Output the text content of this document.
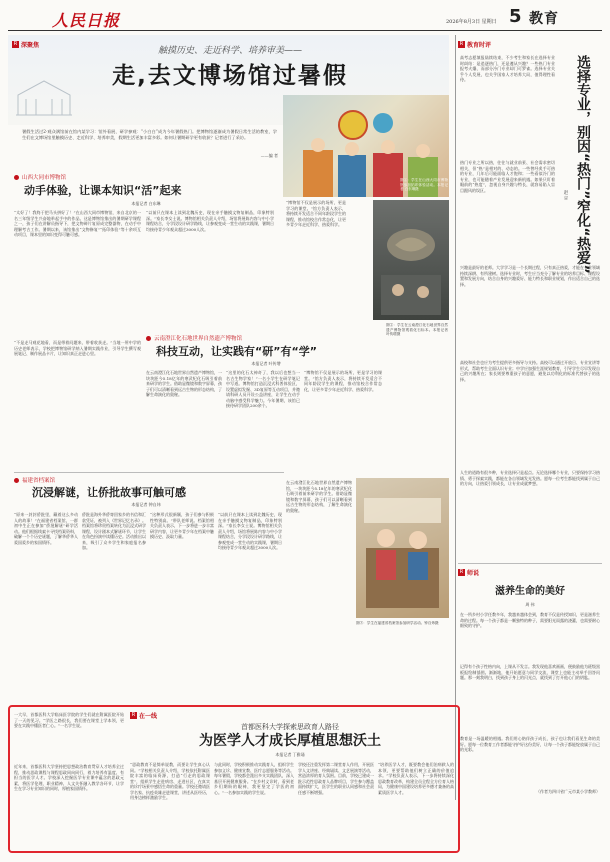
人民日报	2026年8月3日 星期日 5 教育
R 深聚焦
触摸历史、走近科学、培养审美——
走,去文博场馆过暑假
暑假生活过2·观众满馆前在馆内某学习：馆外看展、研学参观：“小白白”成为今年暑假热门。把博物馆逐渐成为暑假日常生活的教室，学生们在文博场馆里触摸历史、走近科学、培养审美，假期生活更加丰富多彩。如何让暑期研学更有收获？记者进行了采访。
——编 者
图①：学生在山西大同市博物馆参加拓印体验活动。本报记者 白东琳摄
山西大同市博物馆
动手体验，让课本知识“活”起来
本报记者 白东琳
“太好了！我终于把马头拼好了！”在山西大同市博物馆，来自北京的一名三年级学生兴奋地举起手中的作品。这是博物馆推出的暑期研学课程之一，孩子们在讲解员指导下，把文物碎片复原成完整器物，在动手中理解考古工作。暑期以来，该馆推出“文物修复”“拓印体验”等十余项互动项目，课本里的知识变得可触可感。
“以前只在课本上读到北魏历史，现在亲手触摸文物复制品，印象特别深。”家长李女士说。博物馆相关负责人介绍，场馆将展陈内容与中小学课程结合，分学段设计研学路线，让参观变成一堂生动的实践课，暑期日均接待青少年观众超过3000人次。
“不是走马观花地看，而是带着问题来、带着收获走。”当地一所中学的历史老师表示，学校把博物馆研学纳入暑期实践作业，引导学生撰写观展笔记、制作展品卡片，让知识真正走进心里。
“博物馆不仅是展示的场所，更是学习的课堂。”馆方负责人表示，将持续开发适合不同年龄段学生的课程，推动馆校合作常态化，让更多青少年走近科学、热爱科学。
图②：学生在云南澄江化石地世界自然遗产博物馆观看化石标本。本报记者 叶传增摄
云南澄江化石地世界自然遗产博物馆
科技互动，让实践有“研”有“学”
本报记者 叶传增
在云南澄江化石地世界自然遗产博物馆，一块块距今5.18亿年的寒武纪化石吸引着前来研学的学生。借助显微镜和数字屏幕，孩子们可以清晰看到远古生物的形态结构，了解生命演化的奥秘。
“这里的化石太神奇了，我以后也想当一名古生物学家！”一名小学生在研学笔记中写道。博物馆打造沉浸式科普体验区，设置虚拟发掘、3D复原等互动项目，并邀请科研人员开设公益讲座，让学生在动手动脑中感受科学魅力。今年暑期，该馆已接待研学团队200余个。
“博物馆不仅是展示的场所，更是学习的课堂。”馆方负责人表示，将持续开发适合不同年龄段学生的课程，推动馆校合作常态化，让更多青少年走近科学、热爱科学。
福建省档案馆
沉浸解谜，让侨批故事可触可感
本报记者 钟自炜
“原来一封封侨批里，藏着这么多动人的故事！”在福建省档案馆，一群初中生正在参加“侨批解谜”研学活动。他们根据线索卡寻找档案资料，破解一个个历史谜题，了解华侨华人爱国爱乡的家国情怀。
侨批是海外华侨寄回家乡的书信和汇款凭证，被列入《世界记忆名录》。档案馆将珍贵档案转化为沉浸式研学课程，设计剧本式解谜环节，让学生在角色扮演中读懂历史。活动推出以来，吸引了众多学生和家庭报名参加。
“这种形式很新颖，孩子们参与积极性特别高。”带队老师说。档案馆相关负责人表示，下一步将进一步丰富研学内容，让更多青少年在档案中触摸历史、汲取力量。
“以前只在课本上读到北魏历史，现在亲手触摸文物复制品，印象特别深。”家长李女士说。博物馆相关负责人介绍，场馆将展陈内容与中小学课程结合，分学段设计研学路线，让参观变成一堂生动的实践课，暑期日均接待青少年观众超过3000人次。
在云南澄江化石地世界自然遗产博物馆，一块块距今5.18亿年的寒武纪化石吸引着前来研学的学生。借助显微镜和数字屏幕，孩子们可以清晰看到远古生物的形态结构，了解生命演化的奥秘。
图③：学生在福建省档案馆参加研学活动。钟自炜摄
R 教育时评
选择专业，别因“热门”窄化“热爱”
赵 宣
高考志愿填报陆续结束，不少考生和家长在选择专业时纠结：是追逐热门，还是遵从兴趣？一些热门专业报考火爆，而部分冷门专业却门可罗雀。选择专业关乎个人发展，也关乎国家人才培养大局，值得理性看待。
热门专业之所以热，往往与就业前景、社会需求密切相关，但“热”是相对的、动态的。一些曾经炙手可热的专业，几年后可能面临人才饱和；一些看似冷门的专业，也可能随着产业发展迎来新机遇。如果只盯着眼前的“热度”，忽视自身兴趣与特长，就容易陷入盲目跟风的误区。
兴趣是最好的老师。大学学习是一个长期过程，只有真正热爱，才能在专业领域持续深耕、有所建树。选择专业时，考生应当充分了解专业的培养目标、课程设置和发展方向，结合自身的兴趣爱好、能力特长和职业规划，作出适合自己的选择。
高校和社会也应为考生提供更多指导与支持。高校可以通过开放日、专业宣讲等形式，帮助考生全面认识专业；中学应加强生涯规划教育，引导学生尽早发现自己的兴趣所在；家长则要尊重孩子的意愿，避免以功利化的标准代替孩子的选择。
人生的道路有很多种，专业选择只是起点。无论选择哪个专业，只要保持学习热情、勇于探索实践，都能在各自领域发光发热。愿每一位考生都能找到属于自己的方向，让热爱引领成长，让专业成就梦想。
R 师说
滋养生命的美好
周 伟
在一所乡村小学任教多年，我越来越体会到，教育不仅是传授知识，更是滋养生命的过程。每一个孩子都是一颗独特的种子，需要阳光雨露的浇灌，也需要耐心细致的守护。
记得有个孩子性格内向，上课从不发言。我发现他喜欢画画，便鼓励他为班级黑板报绘制插图。渐渐地，他开始愿意与同学交流，课堂上也能主动举手回答问题。那一刻我明白，找到孩子身上的闪光点，就找到了打开他心门的钥匙。
教育是一场温暖的相遇。我们用心陪伴孩子成长，孩子也让我们看见生命的美好。愿每一位教育工作者都能守护好这份美好，让每一个孩子都能绽放属于自己的光彩。
（作者为四川省广元市某小学教师）
R 在一线
首都医科大学探索思政育人路径
为医学人才成长厚植思想沃土
本报记者 丁雅诵
一大早，首都医科大学临床医学院的学生们就在附属医院开始了一天的见习。“学医之路很长，我们要在课堂上学本领，更要在实践中懂医者仁心。”一名学生说。
近年来，首都医科大学坚持把思想政治教育贯穿人才培养全过程，推动思政课程与课程思政同向同行，着力培养有温度、有担当的医学人才。学校深入挖掘医学专业课中蕴含的思政元素，将医学伦理、职业精神、人文关怀融入教学各环节，让学生在学习专业知识的同时，厚植家国情怀。
“思政教育不是简单说教，而要让学生真心认同。”学校相关负责人介绍，学校依托附属医院丰富的临床资源，打造“行走的思政课堂”，组织学生走进病房、走进社区，在真实的诊疗场景中感悟生命的重量。学校还邀请医学名家、抗疫英雄走进课堂，讲述从医经历，用身边榜样激励学生。
与此同时，学校积极推动实践育人，组织学生参加义诊、健康宣教、医疗志愿服务等活动。每年暑假，学校都会派出多支实践团队，深入基层开展健康服务。“在乡村义诊时，看到老乡们期盼的眼神，我更坚定了学医的初心。”一名参加实践的学生说。
学校还注重发挥第二课堂育人作用，开展医学人文讲座、经典诵读、文艺展演等活动，营造浓厚的育人氛围。目前，学校已建成一批示范性思政育人品牌项目，学生参与覆盖面持续扩大，医学生的职业认同感和社会责任感不断增强。
“培养医学人才，既要教会他们治病救人的本领，更要帮助他们树立正确的价值追求。”学校负责人表示，下一步将持续深化思政教育改革，构建全员全程全方位育人格局，为健康中国建设培养更多德才兼备的高素质医学人才。
